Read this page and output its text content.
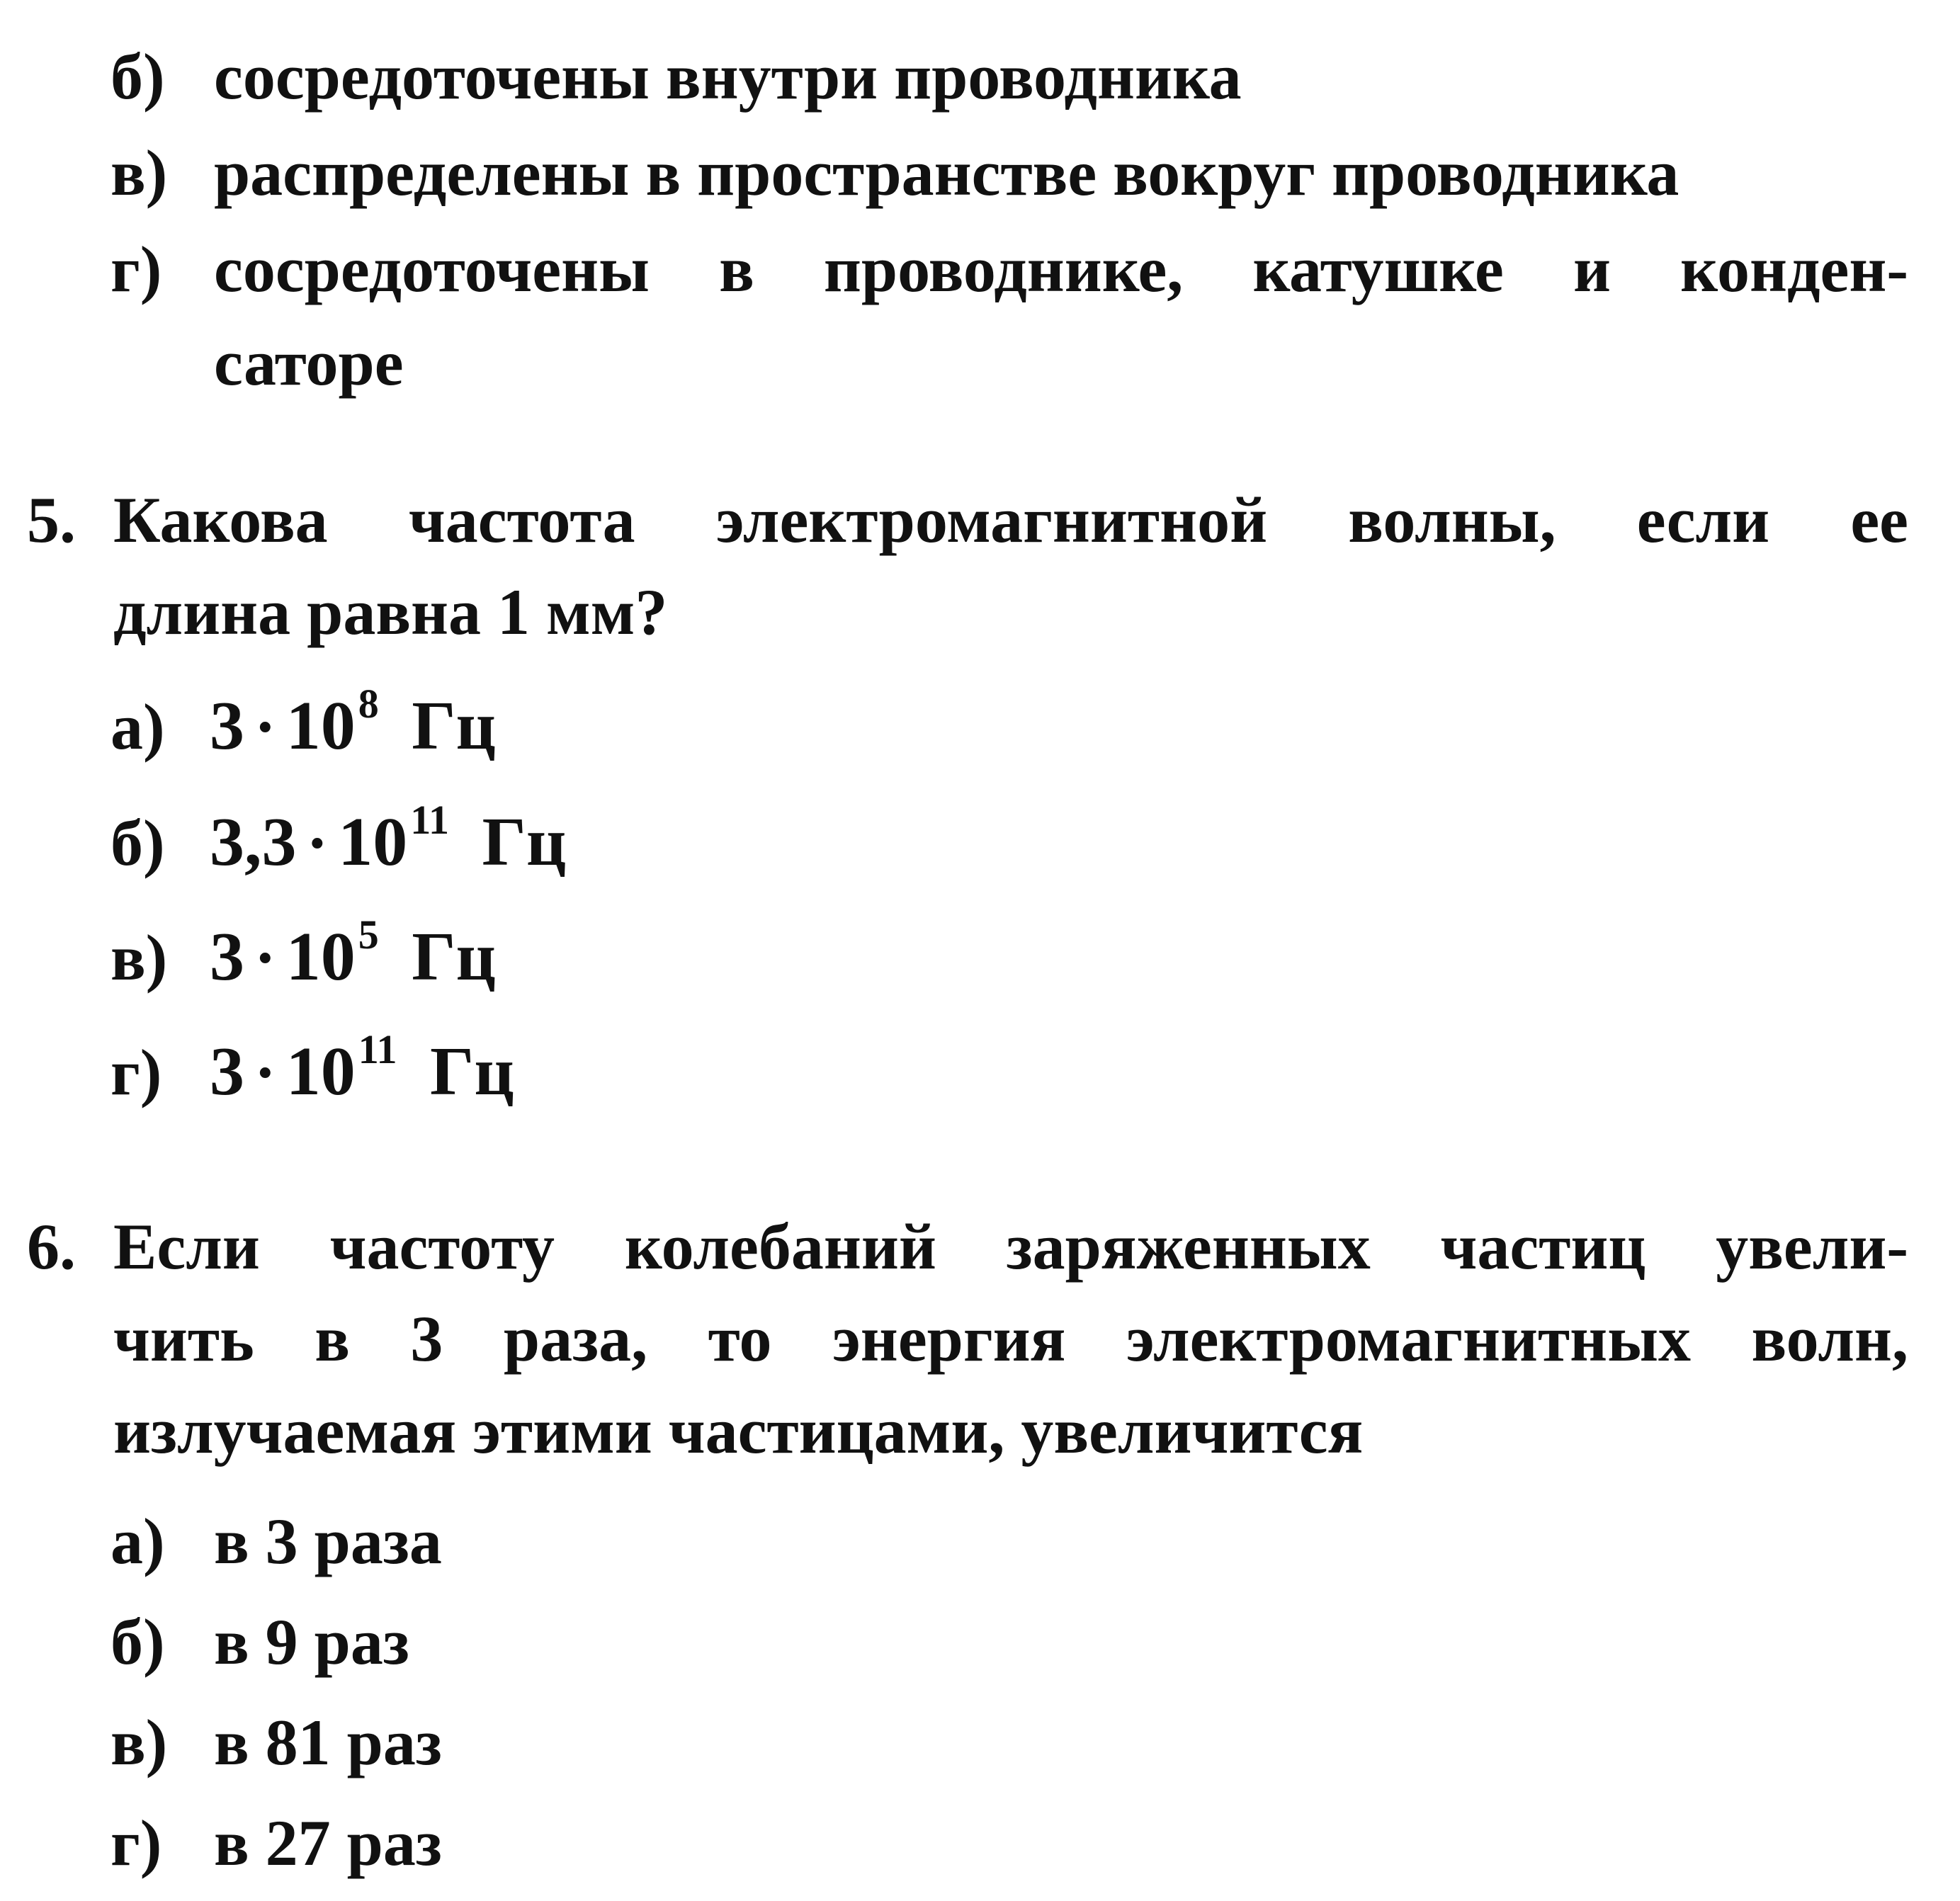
б) сосредоточены внутри проводника
в) распределены в пространстве вокруг проводника
г) сосредоточены в проводнике, катушке и конден-
саторе
5. Какова частота электромагнитной волны, если ее
длина равна 1 мм?
а) $3 \cdot 10^8$ Гц
б) $3,3 \cdot 10^{11}$ Гц
в) $3 \cdot 10^5$ Гц
г) $3 \cdot 10^{11}$ Гц
6. Если частоту колебаний заряженных частиц увели-
чить в 3 раза, то энергия электромагнитных волн,
излучаемая этими частицами, увеличится
а) в 3 раза
б) в 9 раз
в) в 81 раз
г) в 27 раз
